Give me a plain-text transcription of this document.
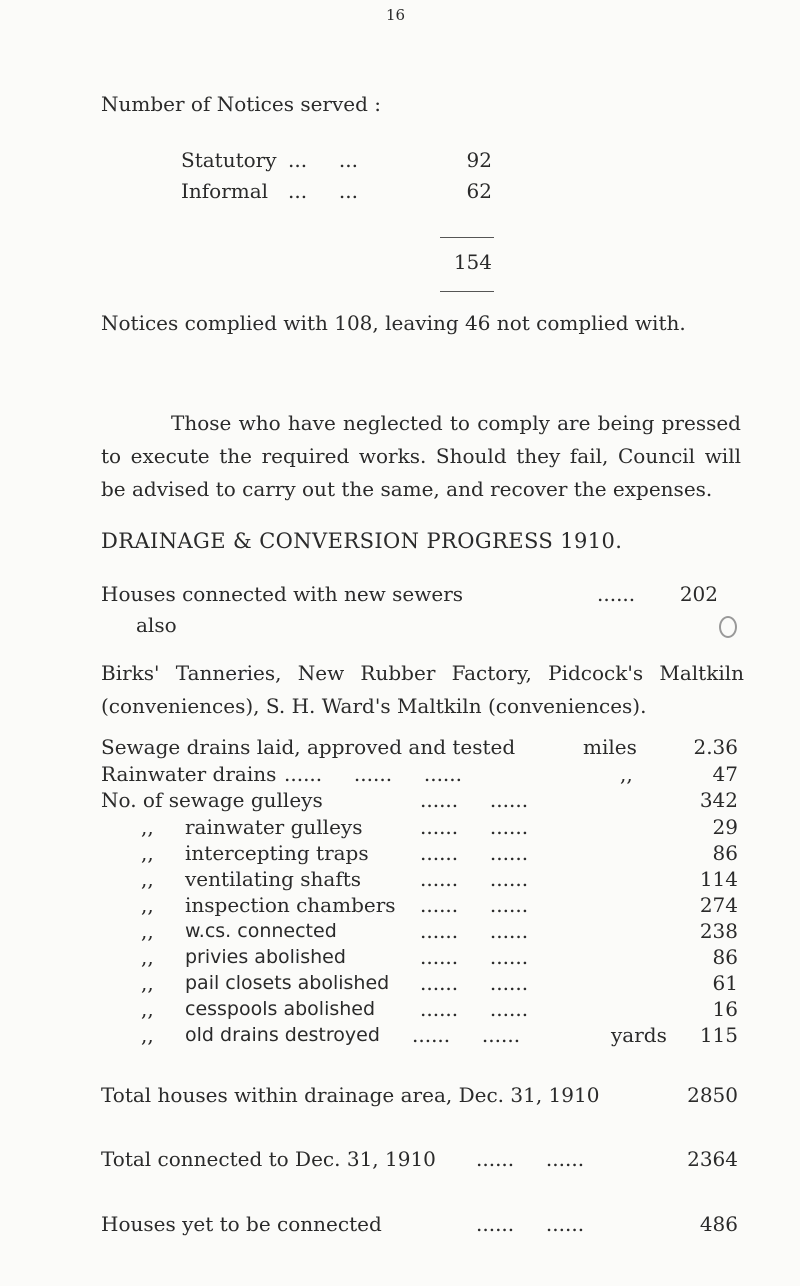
16
Number of Notices served :
Statutory ...     ...	92
Informal ...     ...	62
154
Notices complied with 108, leaving 46 not complied with.
Those who have neglected to comply are being pressed to execute the required works. Should they fail, Council will be advised to carry out the same, and recover the expenses.
DRAINAGE & CONVERSION PROGRESS 1910.
Houses connected with new sewers	......	202
also
Birks' Tanneries, New Rubber Factory, Pidcock's Maltkiln (conveniences), S. H. Ward's Maltkiln (conveniences).
Sewage drains laid, approved and tested	miles	2.36
Rainwater drains ......     ......     ......	,,	47
No. of sewage gulleys	......     ......	342
,, rainwater gulleys	......     ......	29
,, intercepting traps	......     ......	86
,, ventilating shafts	......     ......	114
,, inspection chambers ......     ......	274
,, w.cs. connected	......     ......	238
,, privies abolished	......     ......	86
,, pail closets abolished ......     ......	61
,, cesspools abolished ......     ......	16
,, old drains destroyed ......     ......	yards	115
Total houses within drainage area, Dec. 31, 1910	2850
Total connected to Dec. 31, 1910 ......     ......	2364
Houses yet to be connected	......     ......	486
